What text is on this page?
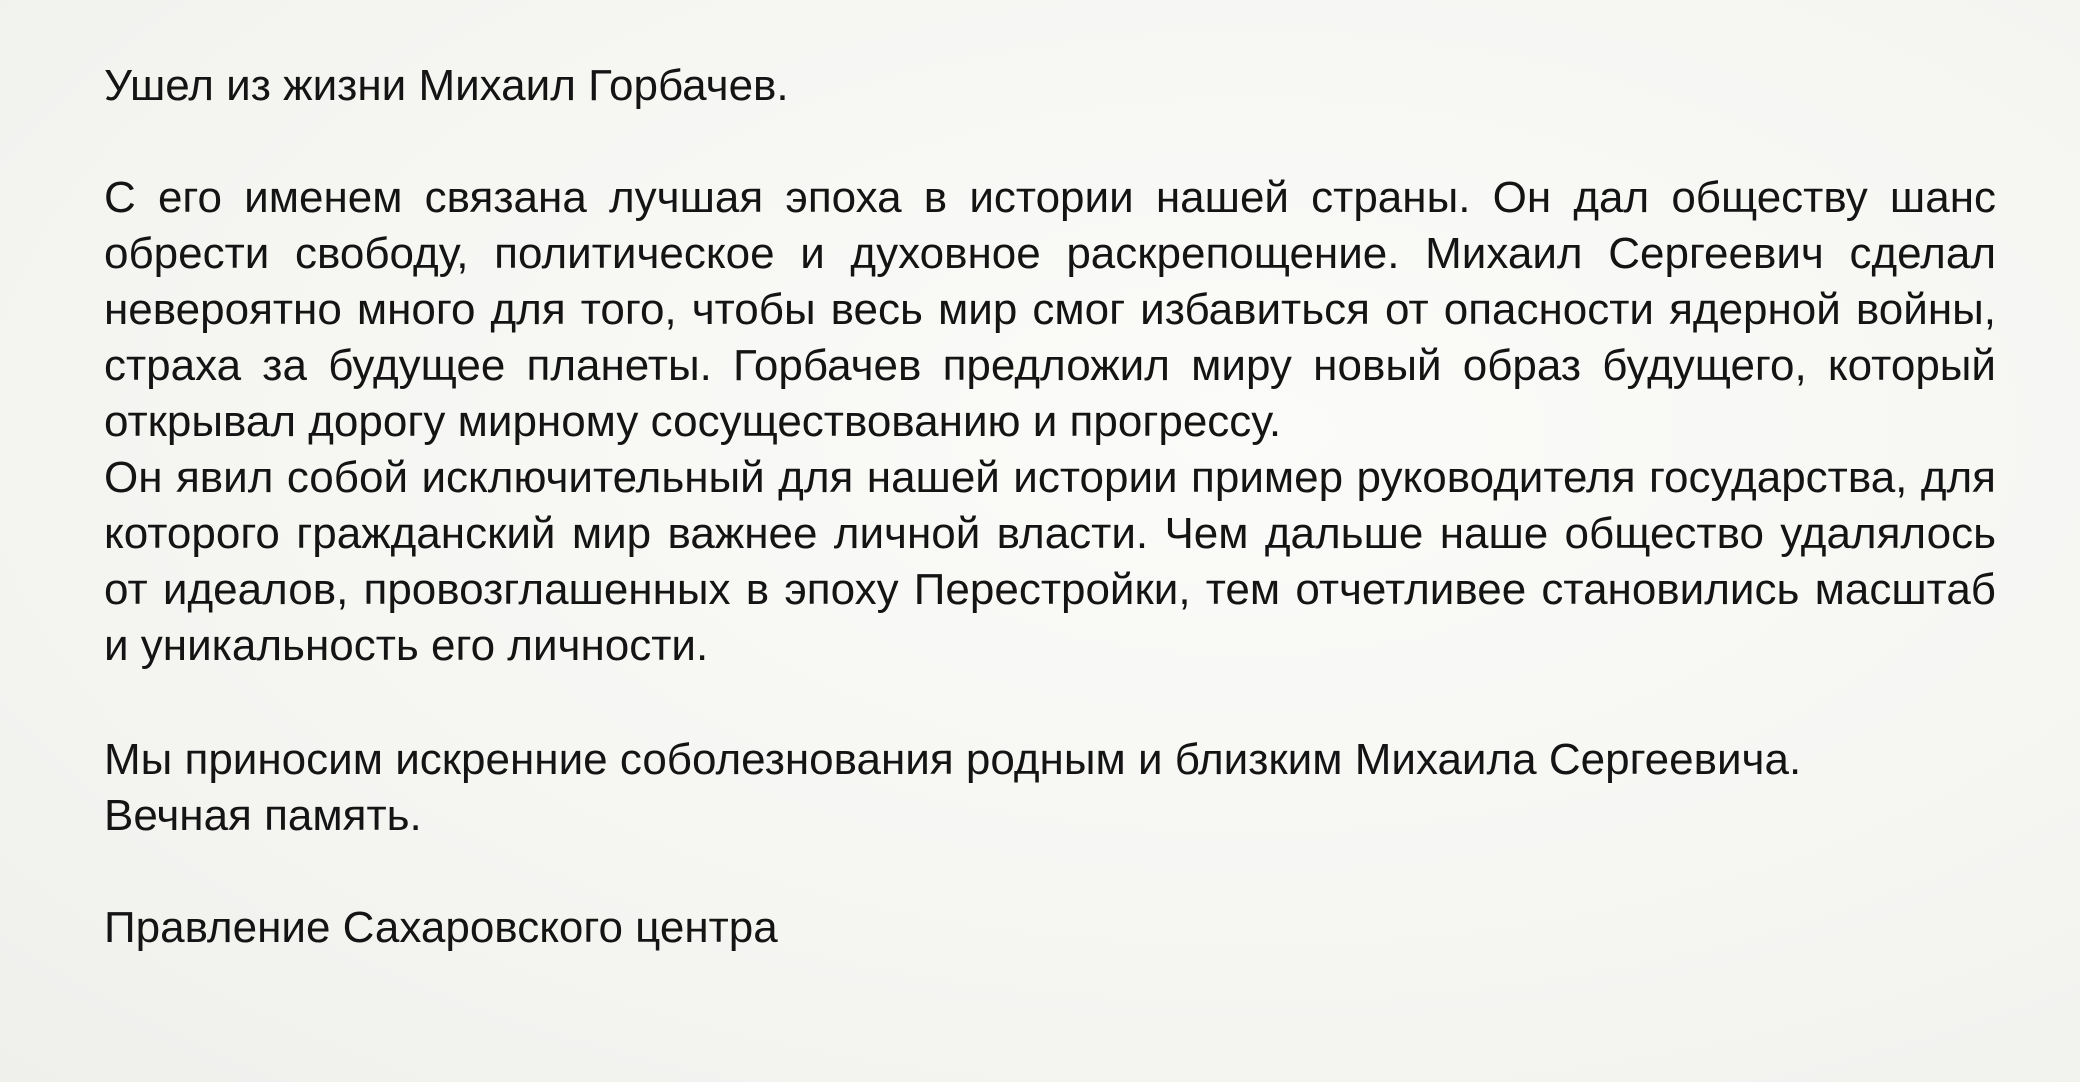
Ушел из жизни Михаил Горбачев.

С его именем связана лучшая эпоха в истории нашей страны. Он дал обществу шанс обрести свободу, политическое и духовное раскрепощение. Михаил Сергеевич сделал невероятно много для того, чтобы весь мир смог избавиться от опасности ядерной войны, страха за будущее планеты. Горбачев предложил миру новый образ будущего, который открывал дорогу мирному сосуществованию и прогрессу.

Он явил собой исключительный для нашей истории пример руководителя государства, для которого гражданский мир важнее личной власти. Чем дальше наше общество удалялось от идеалов, провозглашенных в эпоху Перестройки, тем отчетливее становились масштаб и уникальность его личности.

Мы приносим искренние соболезнования родным и близким Михаила Сергеевича.

Вечная память.

Правление Сахаровского центра
